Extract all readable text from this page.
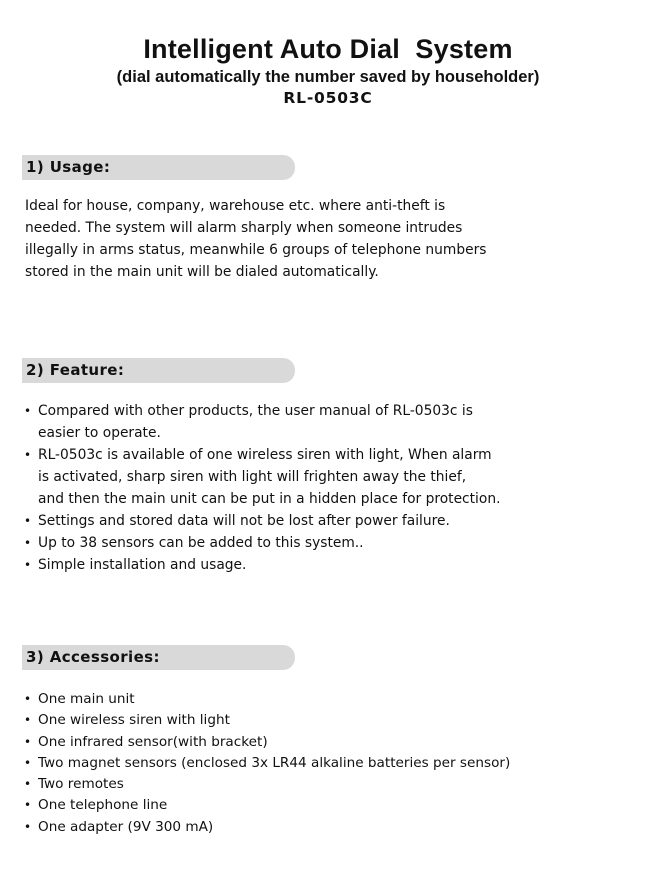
Intelligent Auto Dial  System
(dial automatically the number saved by householder)
RL-0503C
1) Usage:
Ideal for house, company, warehouse etc. where anti-theft is
needed. The system will alarm sharply when someone intrudes
illegally in arms status, meanwhile 6 groups of telephone numbers
stored in the main unit will be dialed automatically.
2) Feature:
• Compared with other products, the user manual of RL-0503c is
easier to operate.
• RL-0503c is available of one wireless siren with light, When alarm
is activated, sharp siren with light will frighten away the thief,
and then the main unit can be put in a hidden place for protection.
• Settings and stored data will not be lost after power failure.
• Up to 38 sensors can be added to this system..
• Simple installation and usage.
3) Accessories:
• One main unit
• One wireless siren with light
• One infrared sensor(with bracket)
• Two magnet sensors (enclosed 3x LR44 alkaline batteries per sensor)
• Two remotes
• One telephone line
• One adapter (9V 300 mA)
